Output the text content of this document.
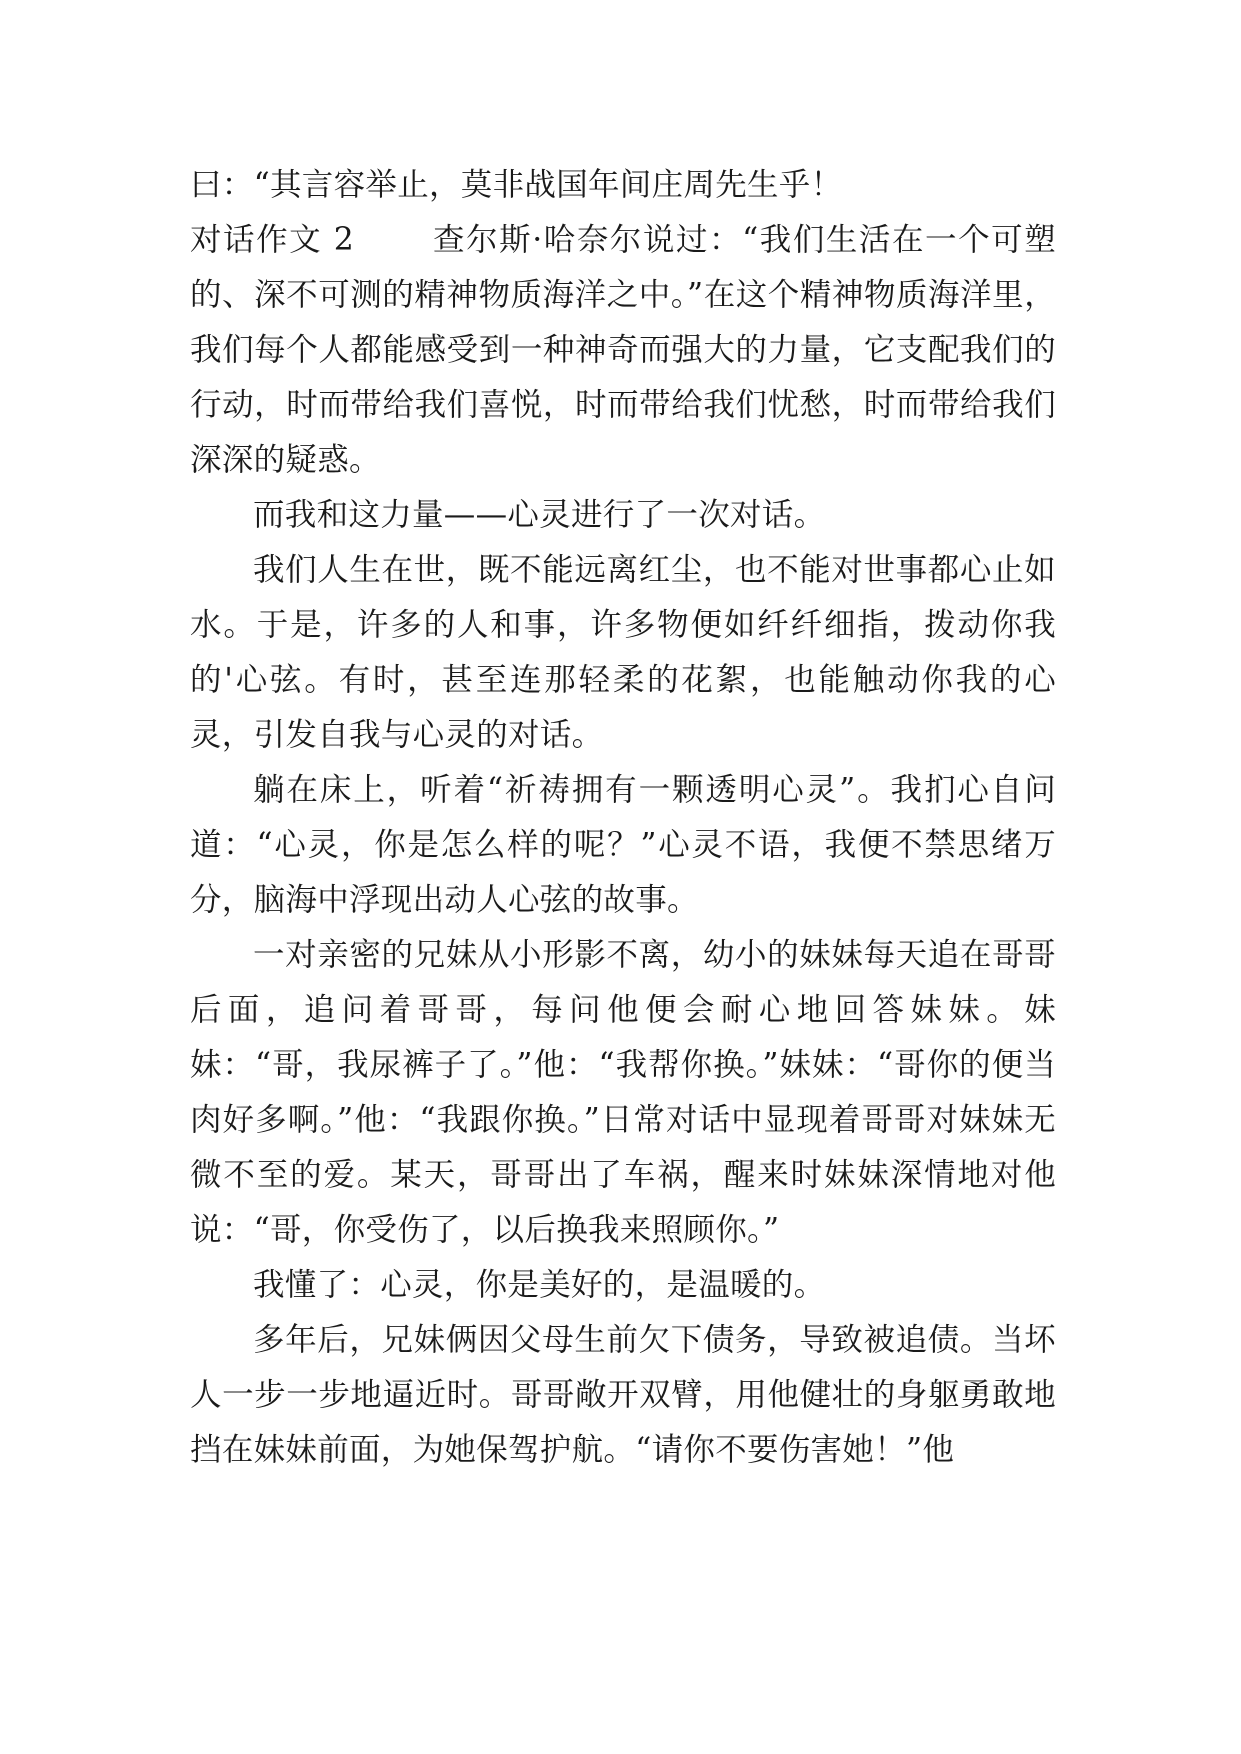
曰：“其言容举止，莫非战国年间庄周先生乎！

对话作文 2　　 查尔斯·哈奈尔说过：“我们生活在一个可塑的、深不可测的精神物质海洋之中。”在这个精神物质海洋里，我们每个人都能感受到一种神奇而强大的力量，它支配我们的行动，时而带给我们喜悦，时而带给我们忧愁，时而带给我们深深的疑惑。

而我和这力量——心灵进行了一次对话。

我们人生在世，既不能远离红尘，也不能对世事都心止如水。于是，许多的人和事，许多物便如纤纤细指，拨动你我的'心弦。有时，甚至连那轻柔的花絮，也能触动你我的心灵，引发自我与心灵的对话。

躺在床上，听着“祈祷拥有一颗透明心灵”。我扪心自问道：“心灵，你是怎么样的呢？”心灵不语，我便不禁思绪万分，脑海中浮现出动人心弦的故事。

一对亲密的兄妹从小形影不离，幼小的妹妹每天追在哥哥后面，追问着哥哥，每问他便会耐心地回答妹妹。妹妹：“哥，我尿裤子了。”他：“我帮你换。”妹妹：“哥你的便当肉好多啊。”他：“我跟你换。”日常对话中显现着哥哥对妹妹无微不至的爱。某天，哥哥出了车祸，醒来时妹妹深情地对他说：“哥，你受伤了，以后换我来照顾你。”

我懂了：心灵，你是美好的，是温暖的。

多年后，兄妹俩因父母生前欠下债务，导致被追债。当坏人一步一步地逼近时。哥哥敞开双臂，用他健壮的身躯勇敢地挡在妹妹前面，为她保驾护航。“请你不要伤害她！”他
